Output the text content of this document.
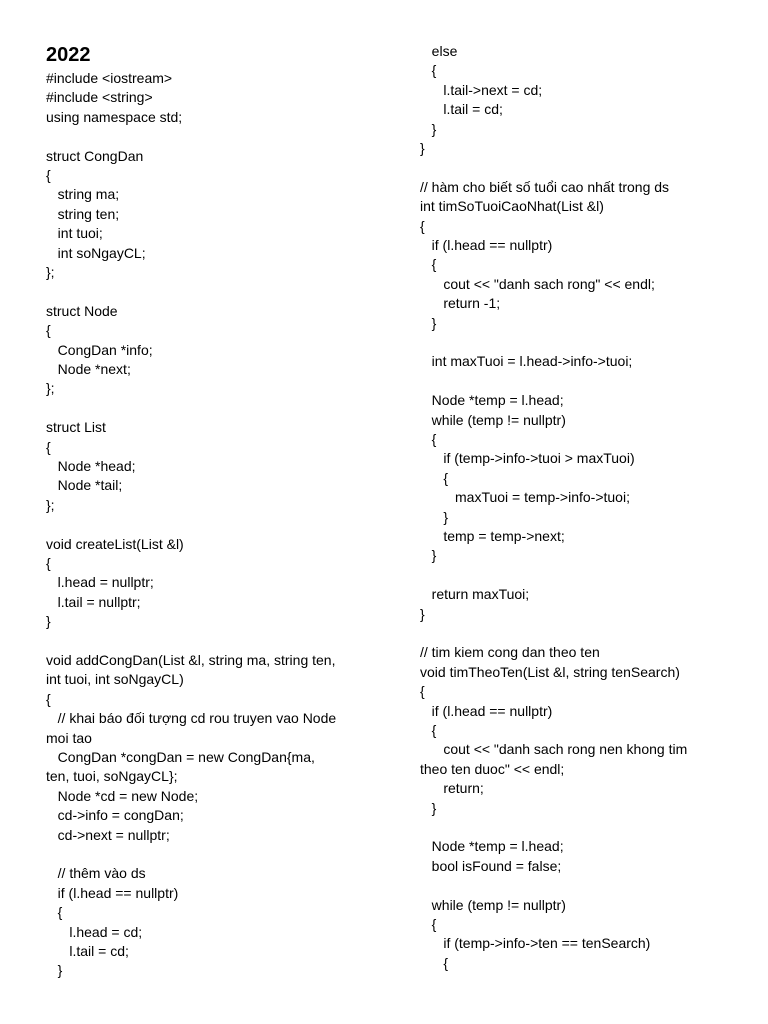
2022

#include <iostream>

#include <string>

using namespace std;

struct CongDan

{

string ma;

string ten;

int tuoi;

int soNgayCL;

};

struct Node

{

CongDan *info;

Node *next;

};

struct List

{

Node *head;

Node *tail;

};

void createList(List &l)

{

l.head = nullptr;

l.tail = nullptr;

}

void addCongDan(List &l, string ma, string ten,

int tuoi, int soNgayCL)

{

// khai báo đối tượng cd rou truyen vao Node

moi tao

CongDan *congDan = new CongDan{ma,

ten, tuoi, soNgayCL};

Node *cd = new Node;

cd->info = congDan;

cd->next = nullptr;

// thêm vào ds

if (l.head == nullptr)

{

l.head = cd;

l.tail = cd;

}

else

{

l.tail->next = cd;

l.tail = cd;

}

}

// hàm cho biết số tuổi cao nhất trong ds

int timSoTuoiCaoNhat(List &l)

{

if (l.head == nullptr)

{

cout << "danh sach rong" << endl;

return -1;

}

int maxTuoi = l.head->info->tuoi;

Node *temp = l.head;

while (temp != nullptr)

{

if (temp->info->tuoi > maxTuoi)

{

maxTuoi = temp->info->tuoi;

}

temp = temp->next;

}

return maxTuoi;

}

// tim kiem cong dan theo ten

void timTheoTen(List &l, string tenSearch)

{

if (l.head == nullptr)

{

cout << "danh sach rong nen khong tim

theo ten duoc" << endl;

return;

}

Node *temp = l.head;

bool isFound = false;

while (temp != nullptr)

{

if (temp->info->ten == tenSearch)

{
